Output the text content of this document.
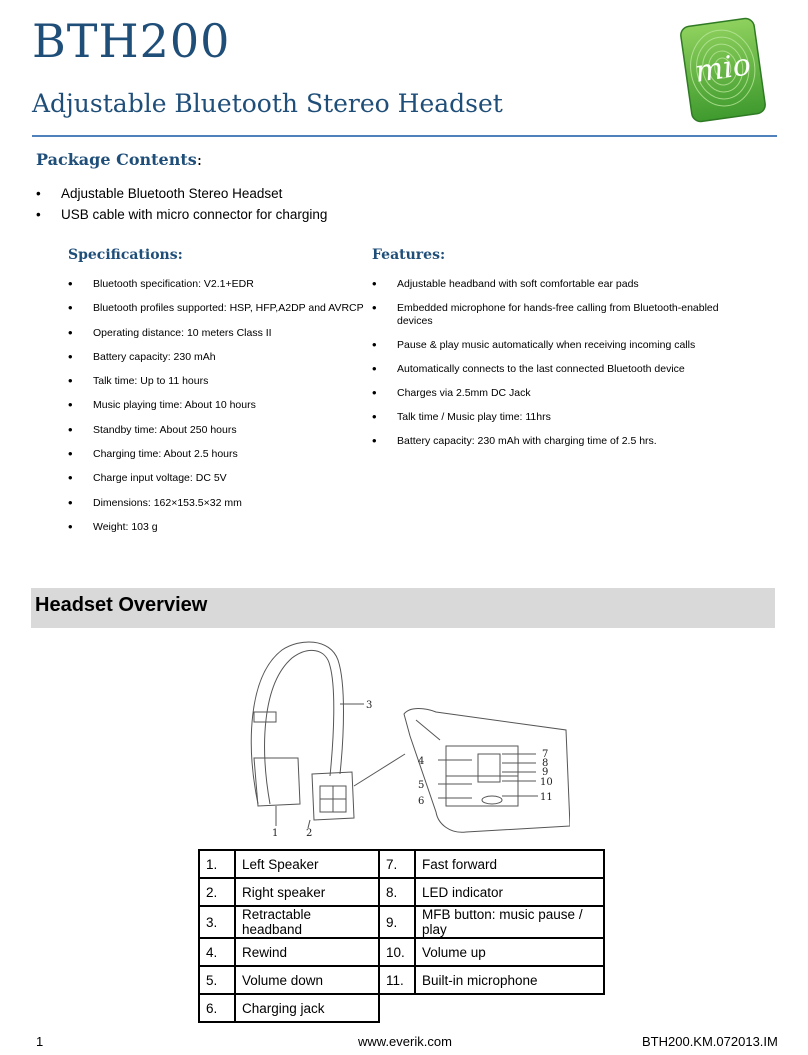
BTH200
Adjustable Bluetooth Stereo Headset
mio
Package Contents:
• Adjustable Bluetooth Stereo Headset
• USB cable with micro connector for charging
Specifications:
• Bluetooth specification: V2.1+EDR
• Bluetooth profiles supported: HSP, HFP,A2DP and AVRCP
• Operating distance: 10 meters Class II
• Battery capacity: 230 mAh
• Talk time: Up to 11 hours
• Music playing time: About 10 hours
• Standby time: About 250 hours
• Charging time: About 2.5 hours
• Charge input voltage: DC 5V
• Dimensions: 162×153.5×32 mm
• Weight: 103 g
Features:
• Adjustable headband with soft comfortable ear pads
• Embedded microphone for hands-free calling from Bluetooth-enabled devices
• Pause & play music automatically when receiving incoming calls
• Automatically connects to the last connected Bluetooth device
• Charges via 2.5mm DC Jack
• Talk time / Music play time: 11hrs
• Battery capacity: 230 mAh with charging time of 2.5 hrs.
Headset Overview
1	2
3
4
5
6
7
8
9
10
11
1.	Left Speaker	7.	Fast forward
2.	Right speaker	8.	LED indicator
3.	Retractable headband	9.	MFB button: music pause / play
4.	Rewind	10.	Volume up
5.	Volume down	11.	Built-in microphone
6.	Charging jack		
1	www.everik.com	BTH200.KM.072013.IM
